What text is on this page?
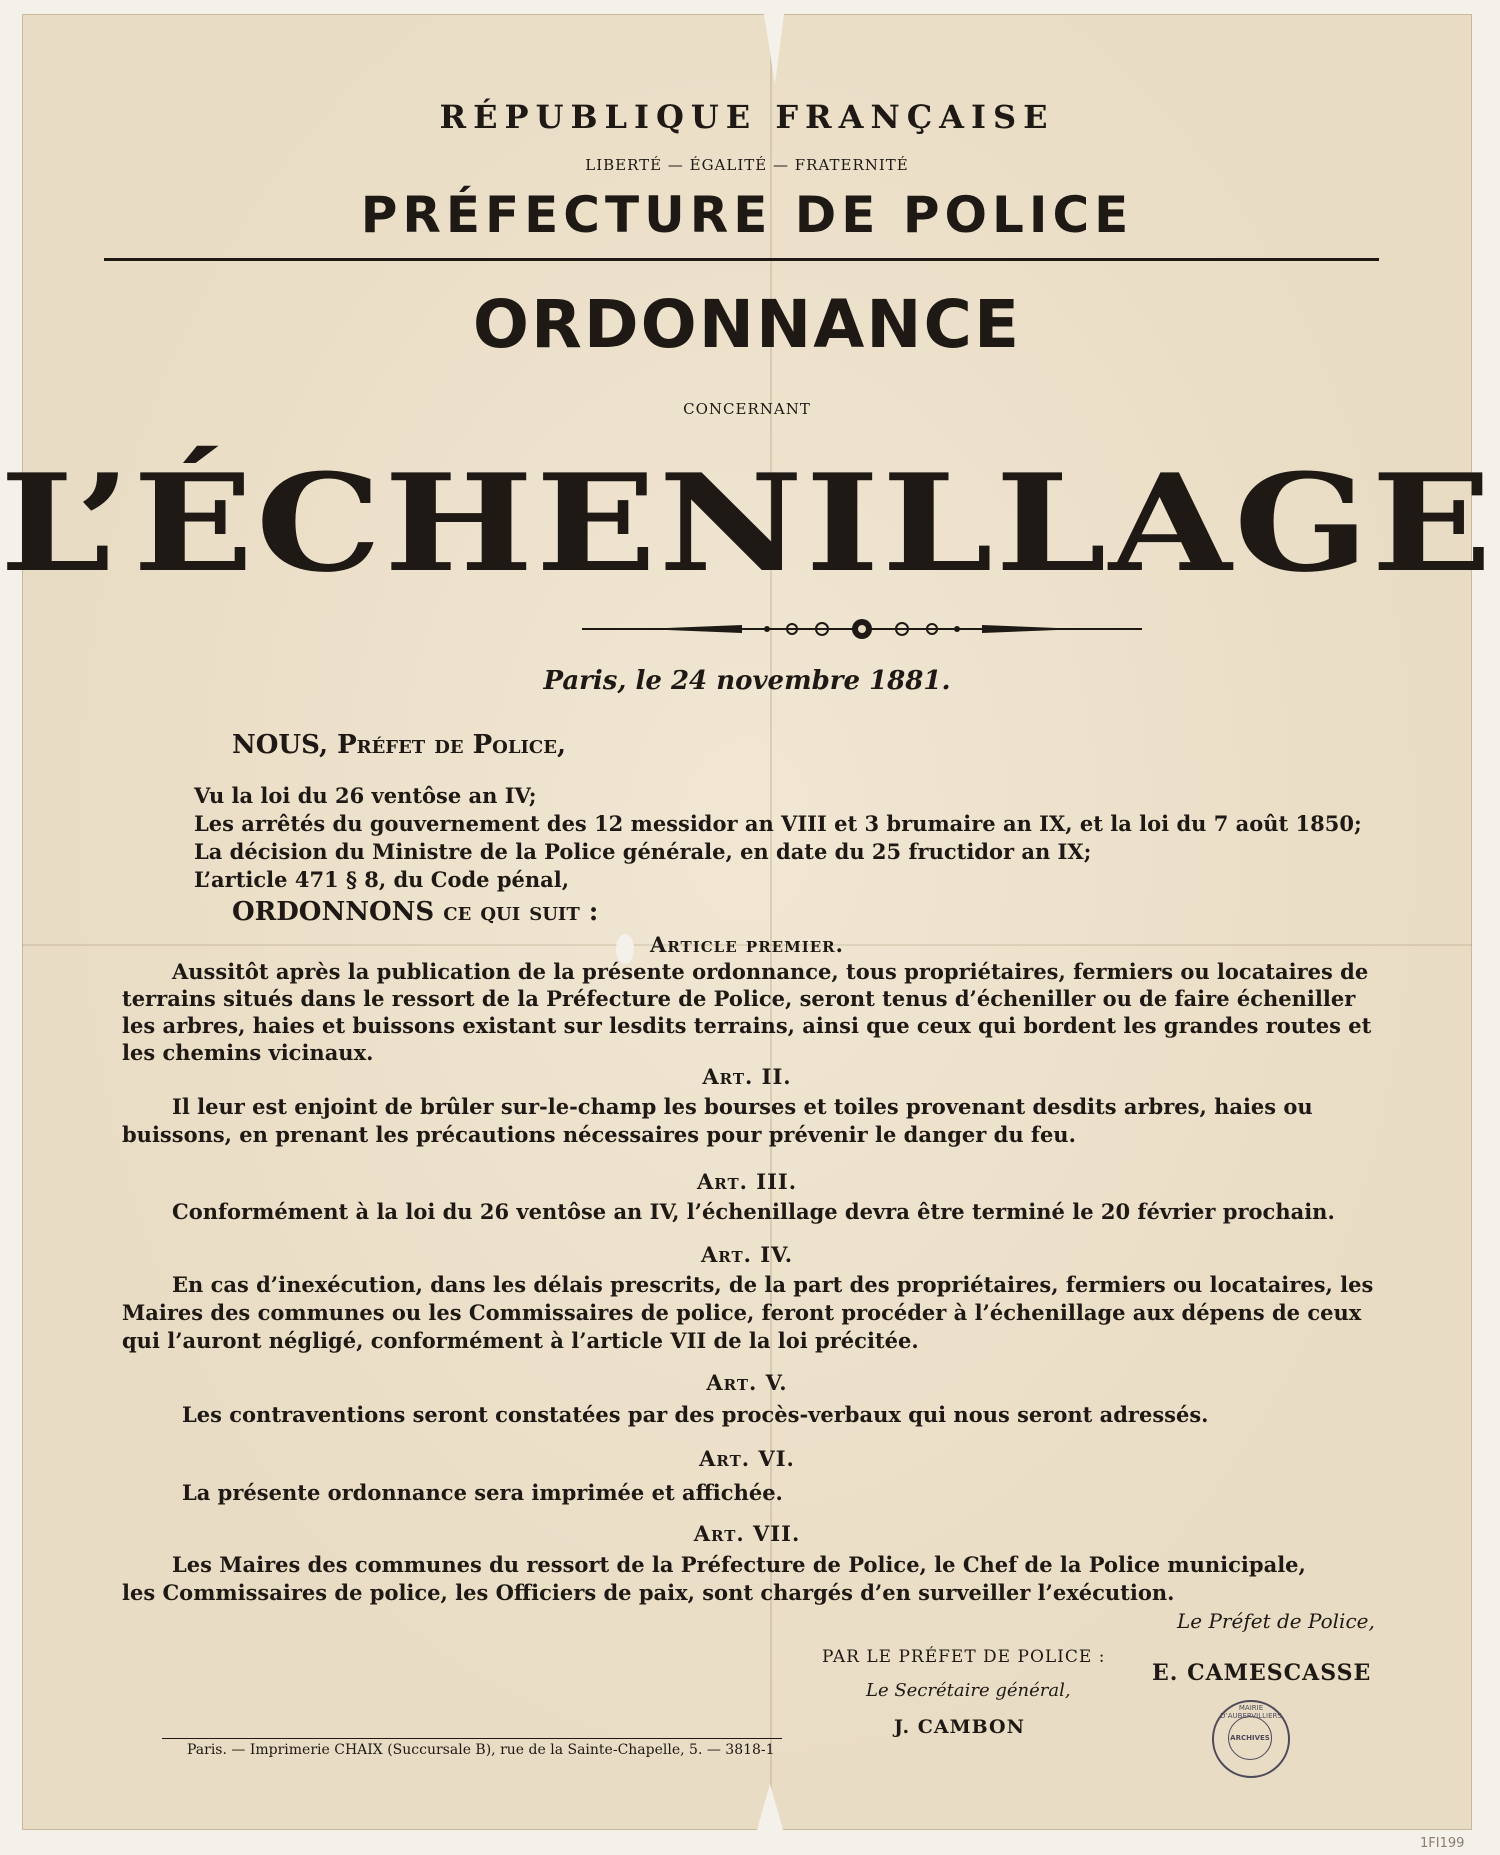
RÉPUBLIQUE FRANÇAISE
LIBERTÉ — ÉGALITÉ — FRATERNITÉ
PRÉFECTURE DE POLICE
ORDONNANCE
CONCERNANT
L’ÉCHENILLAGE
Paris, le 24 novembre 1881.
NOUS, Préfet de Police,
Vu la loi du 26 ventôse an IV;
Les arrêtés du gouvernement des 12 messidor an VIII et 3 brumaire an IX, et la loi du 7 août 1850;
La décision du Ministre de la Police générale, en date du 25 fructidor an IX;
L’article 471 § 8, du Code pénal,
ORDONNONS ce qui suit :
Article premier.
Aussitôt après la publication de la présente ordonnance, tous propriétaires, fermiers ou locataires de
terrains situés dans le ressort de la Préfecture de Police, seront tenus d’écheniller ou de faire écheniller
les arbres, haies et buissons existant sur lesdits terrains, ainsi que ceux qui bordent les grandes routes et
les chemins vicinaux.
Art. II.
Il leur est enjoint de brûler sur-le-champ les bourses et toiles provenant desdits arbres, haies ou
buissons, en prenant les précautions nécessaires pour prévenir le danger du feu.
Art. III.
Conformément à la loi du 26 ventôse an IV, l’échenillage devra être terminé le 20 février prochain.
Art. IV.
En cas d’inexécution, dans les délais prescrits, de la part des propriétaires, fermiers ou locataires, les
Maires des communes ou les Commissaires de police, feront procéder à l’échenillage aux dépens de ceux
qui l’auront négligé, conformément à l’article VII de la loi précitée.
Art. V.
Les contraventions seront constatées par des procès-verbaux qui nous seront adressés.
Art. VI.
La présente ordonnance sera imprimée et affichée.
Art. VII.
Les Maires des communes du ressort de la Préfecture de Police, le Chef de la Police municipale,
les Commissaires de police, les Officiers de paix, sont chargés d’en surveiller l’exécution.
Le Préfet de Police,
PAR LE PRÉFET DE POLICE :
E. CAMESCASSE
Le Secrétaire général,
J. CAMBON
Paris. — Imprimerie CHAIX (Succursale B), rue de la Sainte-Chapelle, 5. — 3818-1
MAIRIE D’AUBERVILLIERS
ARCHIVES
1FI199
